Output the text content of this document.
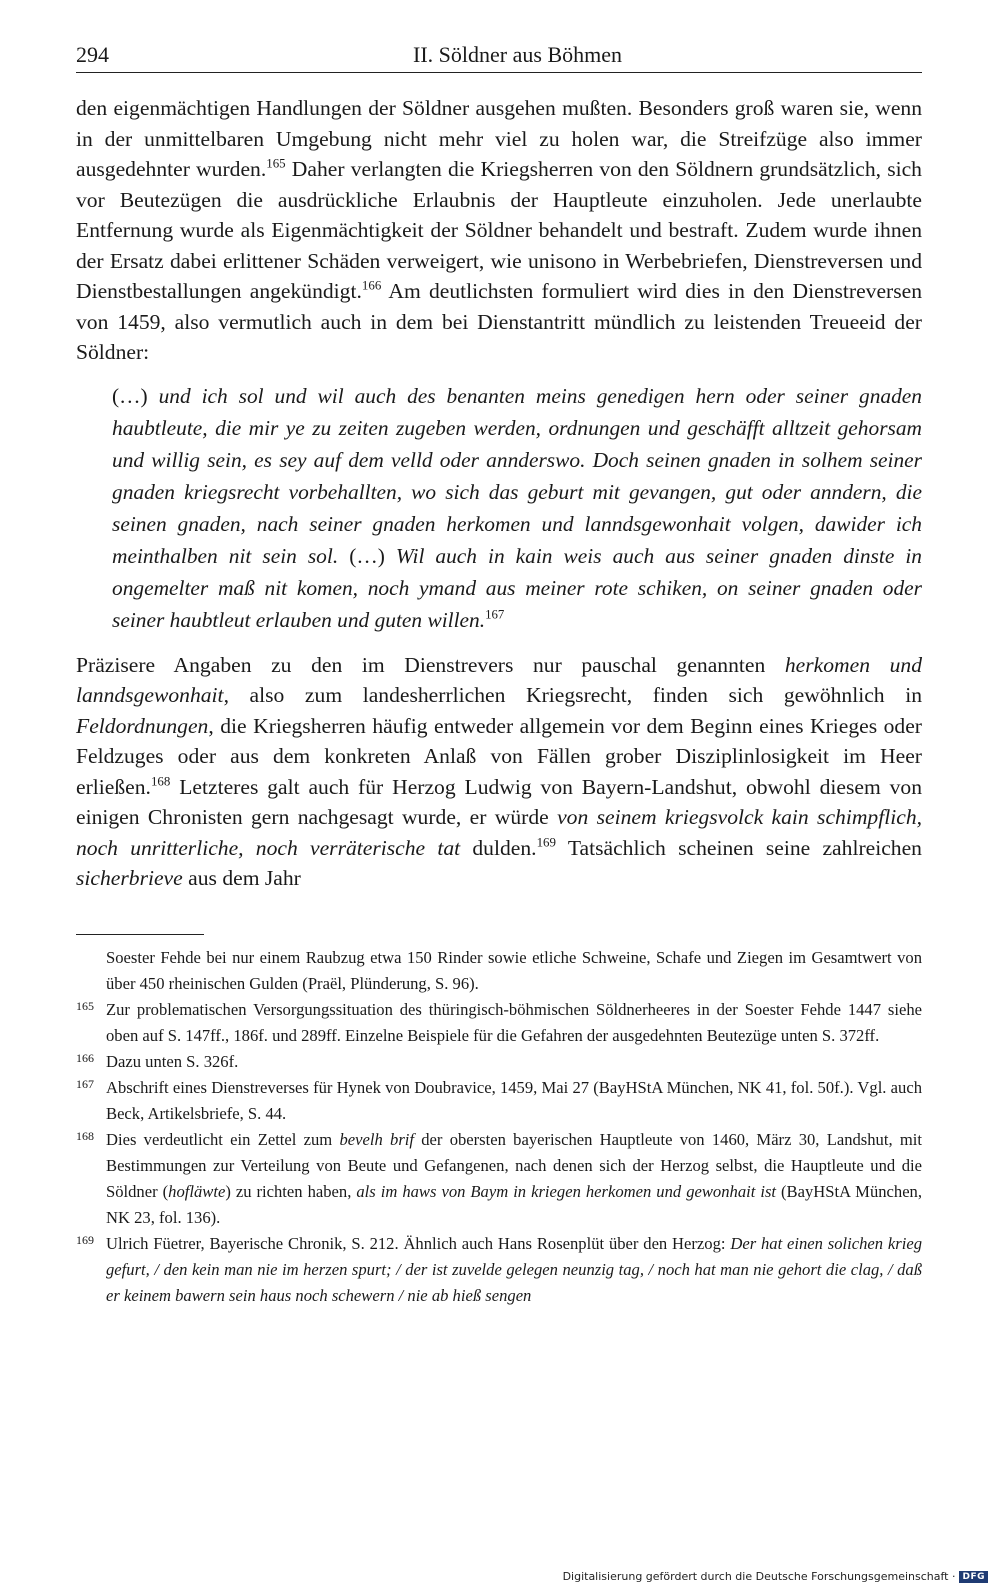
294	II. Söldner aus Böhmen

den eigenmächtigen Handlungen der Söldner ausgehen mußten. Besonders groß waren sie, wenn in der unmittelbaren Umgebung nicht mehr viel zu holen war, die Streifzüge also immer ausgedehnter wurden.$^{165}$ Daher verlangten die Kriegsherren von den Söldnern grundsätzlich, sich vor Beutezügen die ausdrückliche Erlaubnis der Hauptleute einzuholen. Jede unerlaubte Entfernung wurde als Eigenmächtigkeit der Söldner behandelt und bestraft. Zudem wurde ihnen der Ersatz dabei erlittener Schäden verweigert, wie unisono in Werbebriefen, Dienstreversen und Dienstbestallungen angekündigt.$^{166}$ Am deutlichsten formuliert wird dies in den Dienstreversen von 1459, also vermutlich auch in dem bei Dienstantritt mündlich zu leistenden Treueeid der Söldner:

(…) und ich sol und wil auch des benanten meins genedigen hern oder seiner gnaden haubtleute, die mir ye zu zeiten zugeben werden, ordnungen und geschäfft alltzeit gehorsam und willig sein, es sey auf dem velld oder annderswo. Doch seinen gnaden in solhem seiner gnaden kriegsrecht vorbehallten, wo sich das geburt mit gevangen, gut oder anndern, die seinen gnaden, nach seiner gnaden herkomen und lanndsgewonhait volgen, dawider ich meinthalben nit sein sol. (…) Wil auch in kain weis auch aus seiner gnaden dinste in ongemelter maß nit komen, noch ymand aus meiner rote schiken, on seiner gnaden oder seiner haubtleut erlauben und guten willen.$^{167}$

Präzisere Angaben zu den im Dienstrevers nur pauschal genannten herkomen und lanndsgewonhait, also zum landesherrlichen Kriegsrecht, finden sich gewöhnlich in Feldordnungen, die Kriegsherren häufig entweder allgemein vor dem Beginn eines Krieges oder Feldzuges oder aus dem konkreten Anlaß von Fällen grober Disziplinlosigkeit im Heer erließen.$^{168}$ Letzteres galt auch für Herzog Ludwig von Bayern-Landshut, obwohl diesem von einigen Chronisten gern nachgesagt wurde, er würde von seinem kriegsvolck kain schimpflich, noch unritterliche, noch verräterische tat dulden.$^{169}$ Tatsächlich scheinen seine zahlreichen sicherbrieve aus dem Jahr

Soester Fehde bei nur einem Raubzug etwa 150 Rinder sowie etliche Schweine, Schafe und Ziegen im Gesamtwert von über 450 rheinischen Gulden (Praël, Plünderung, S. 96).
165 Zur problematischen Versorgungssituation des thüringisch-böhmischen Söldnerheeres in der Soester Fehde 1447 siehe oben auf S. 147ff., 186f. und 289ff. Einzelne Beispiele für die Gefahren der ausgedehnten Beutezüge unten S. 372ff.
166 Dazu unten S. 326f.
167 Abschrift eines Dienstreverses für Hynek von Doubravice, 1459, Mai 27 (BayHStA München, NK 41, fol. 50f.). Vgl. auch Beck, Artikelsbriefe, S. 44.
168 Dies verdeutlicht ein Zettel zum bevelh brif der obersten bayerischen Hauptleute von 1460, März 30, Landshut, mit Bestimmungen zur Verteilung von Beute und Gefangenen, nach denen sich der Herzog selbst, die Hauptleute und die Söldner (hofläwte) zu richten haben, als im haws von Baym in kriegen herkomen und gewonhait ist (BayHStA München, NK 23, fol. 136).
169 Ulrich Füetrer, Bayerische Chronik, S. 212. Ähnlich auch Hans Rosenplüt über den Herzog: Der hat einen solichen krieg gefurt, / den kein man nie im herzen spurt; / der ist zuvelde gelegen neunzig tag, / noch hat man nie gehort die clag, / daß er keinem bawern sein haus noch schewern / nie ab hieß sengen
Digitalisierung gefördert durch die Deutsche Forschungsgemeinschaft · DFG
